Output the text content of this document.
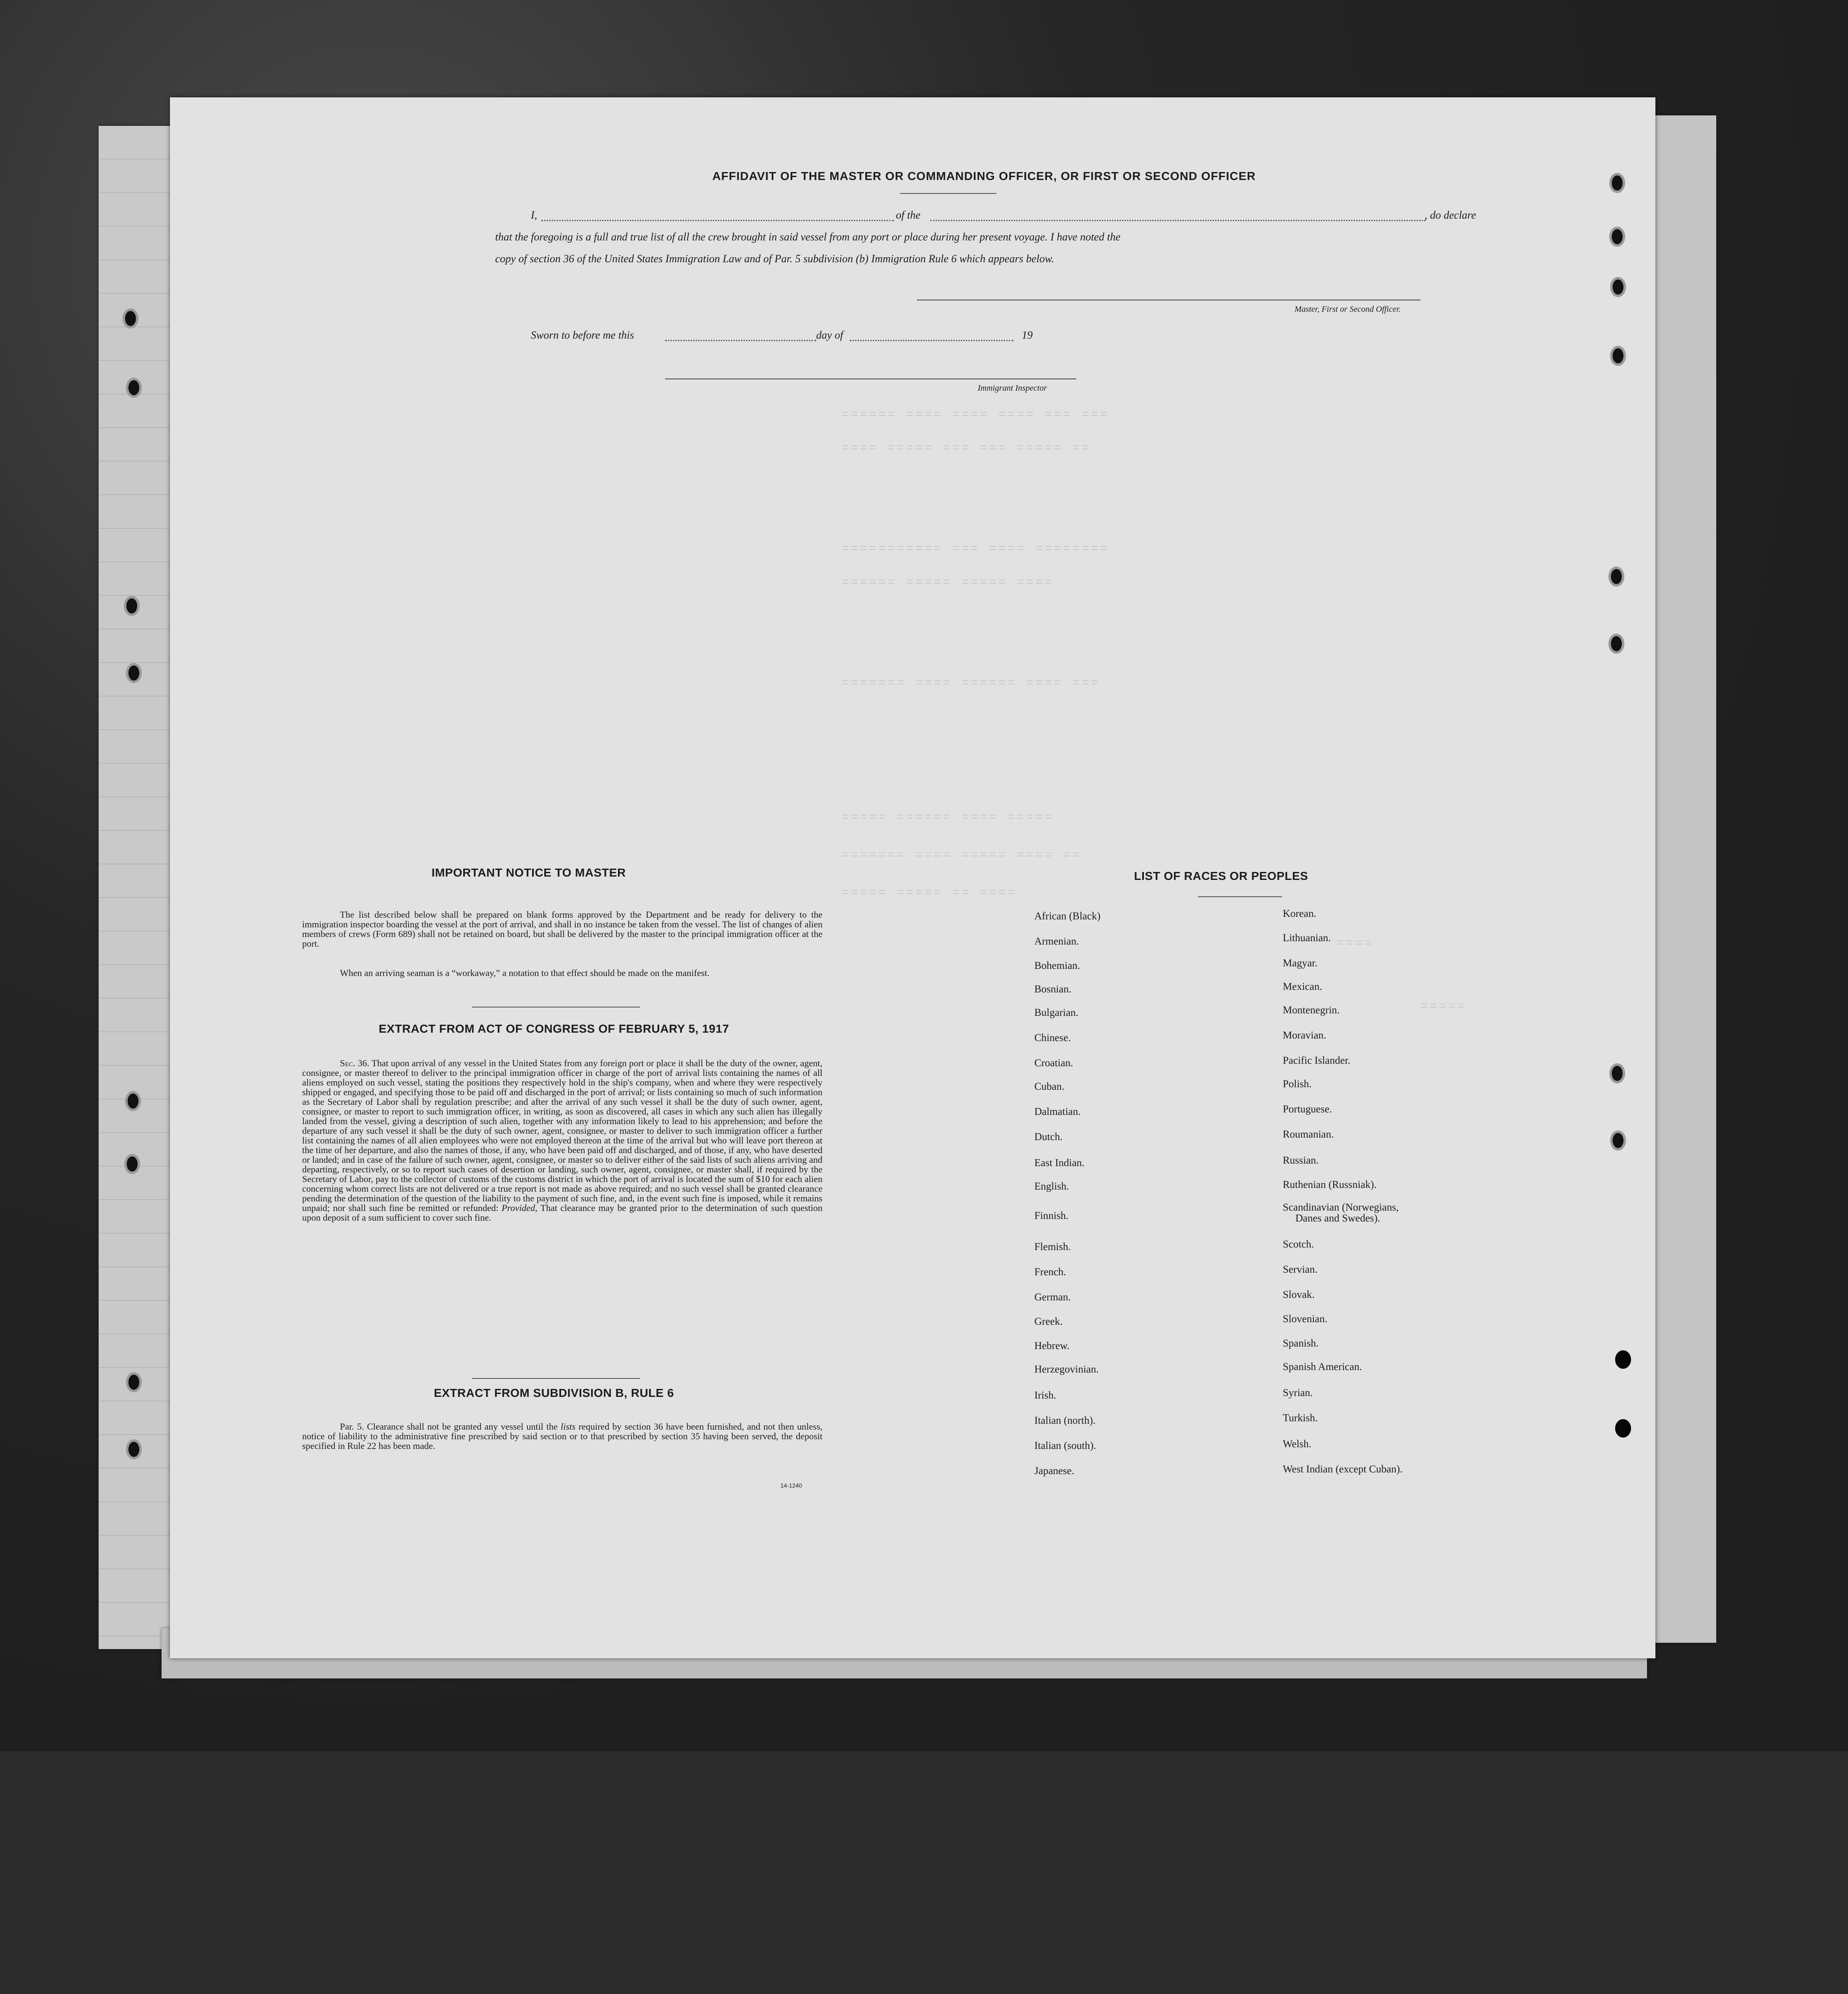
====== ==== ==== ==== === ===
==== ===== === === ===== ==
=========== === ==== ========
====== ===== ===== ====
======= ==== ====== ==== ===
===== ====== ==== =====
======= ==== ===== ==== ==
===== ===== == ====
====
=====
AFFIDAVIT OF THE MASTER OR COMMANDING OFFICER, OR FIRST OR SECOND OFFICER
I,	of the	, do declare
that the foregoing is a full and true list of all the crew brought in said vessel from any port or place during her present voyage. I have noted the
copy of section 36 of the United States Immigration Law and of Par. 5 subdivision (b) Immigration Rule 6 which appears below.
Master, First or Second Officer.
Sworn to before me this	day of	19
Immigrant Inspector
IMPORTANT NOTICE TO MASTER
The list described below shall be prepared on blank forms approved by the Department and be ready for delivery to the immigration inspector boarding the vessel at the port of arrival, and shall in no instance be taken from the vessel. The list of changes of alien members of crews (Form 689) shall not be retained on board, but shall be delivered by the master to the principal immigration officer at the port.
When an arriving seaman is a “workaway,” a notation to that effect should be made on the manifest.
EXTRACT FROM ACT OF CONGRESS OF FEBRUARY 5, 1917
Sec. 36. That upon arrival of any vessel in the United States from any foreign port or place it shall be the duty of the owner, agent, consignee, or master thereof to deliver to the principal immigration officer in charge of the port of arrival lists containing the names of all aliens employed on such vessel, stating the positions they respectively hold in the ship's company, when and where they were respectively shipped or engaged, and specifying those to be paid off and discharged in the port of arrival; or lists containing so much of such information as the Secretary of Labor shall by regulation prescribe; and after the arrival of any such vessel it shall be the duty of such owner, agent, consignee, or master to report to such immigration officer, in writing, as soon as discovered, all cases in which any such alien has illegally landed from the vessel, giving a description of such alien, together with any information likely to lead to his apprehension; and before the departure of any such vessel it shall be the duty of such owner, agent, consignee, or master to deliver to such immigration officer a further list containing the names of all alien employees who were not employed thereon at the time of the arrival but who will leave port thereon at the time of her departure, and also the names of those, if any, who have been paid off and discharged, and of those, if any, who have deserted or landed; and in case of the failure of such owner, agent, consignee, or master so to deliver either of the said lists of such aliens arriving and departing, respectively, or so to report such cases of desertion or landing, such owner, agent, consignee, or master shall, if required by the Secretary of Labor, pay to the collector of customs of the customs district in which the port of arrival is located the sum of $10 for each alien concerning whom correct lists are not delivered or a true report is not made as above required; and no such vessel shall be granted clearance pending the determination of the question of the liability to the payment of such fine, and, in the event such fine is imposed, while it remains unpaid; nor shall such fine be remitted or refunded: Provided, That clearance may be granted prior to the determination of such question upon deposit of a sum sufficient to cover such fine.
EXTRACT FROM SUBDIVISION B, RULE 6
Par. 5. Clearance shall not be granted any vessel until the lists required by section 36 have been furnished, and not then unless, notice of liability to the administrative fine prescribed by said section or to that prescribed by section 35 having been served, the deposit specified in Rule 22 has been made.
14-1240
LIST OF RACES OR PEOPLES
African (Black)
Armenian.
Bohemian.
Bosnian.
Bulgarian.
Chinese.
Croatian.
Cuban.
Dalmatian.
Dutch.
East Indian.
English.
Finnish.
Flemish.
French.
German.
Greek.
Hebrew.
Herzegovinian.
Irish.
Italian (north).
Italian (south).
Japanese.
Korean.
Lithuanian.
Magyar.
Mexican.
Montenegrin.
Moravian.
Pacific Islander.
Polish.
Portuguese.
Roumanian.
Russian.
Ruthenian (Russniak).
Scandinavian (Norwegians,
Danes and Swedes).
Scotch.
Servian.
Slovak.
Slovenian.
Spanish.
Spanish American.
Syrian.
Turkish.
Welsh.
West Indian (except Cuban).
